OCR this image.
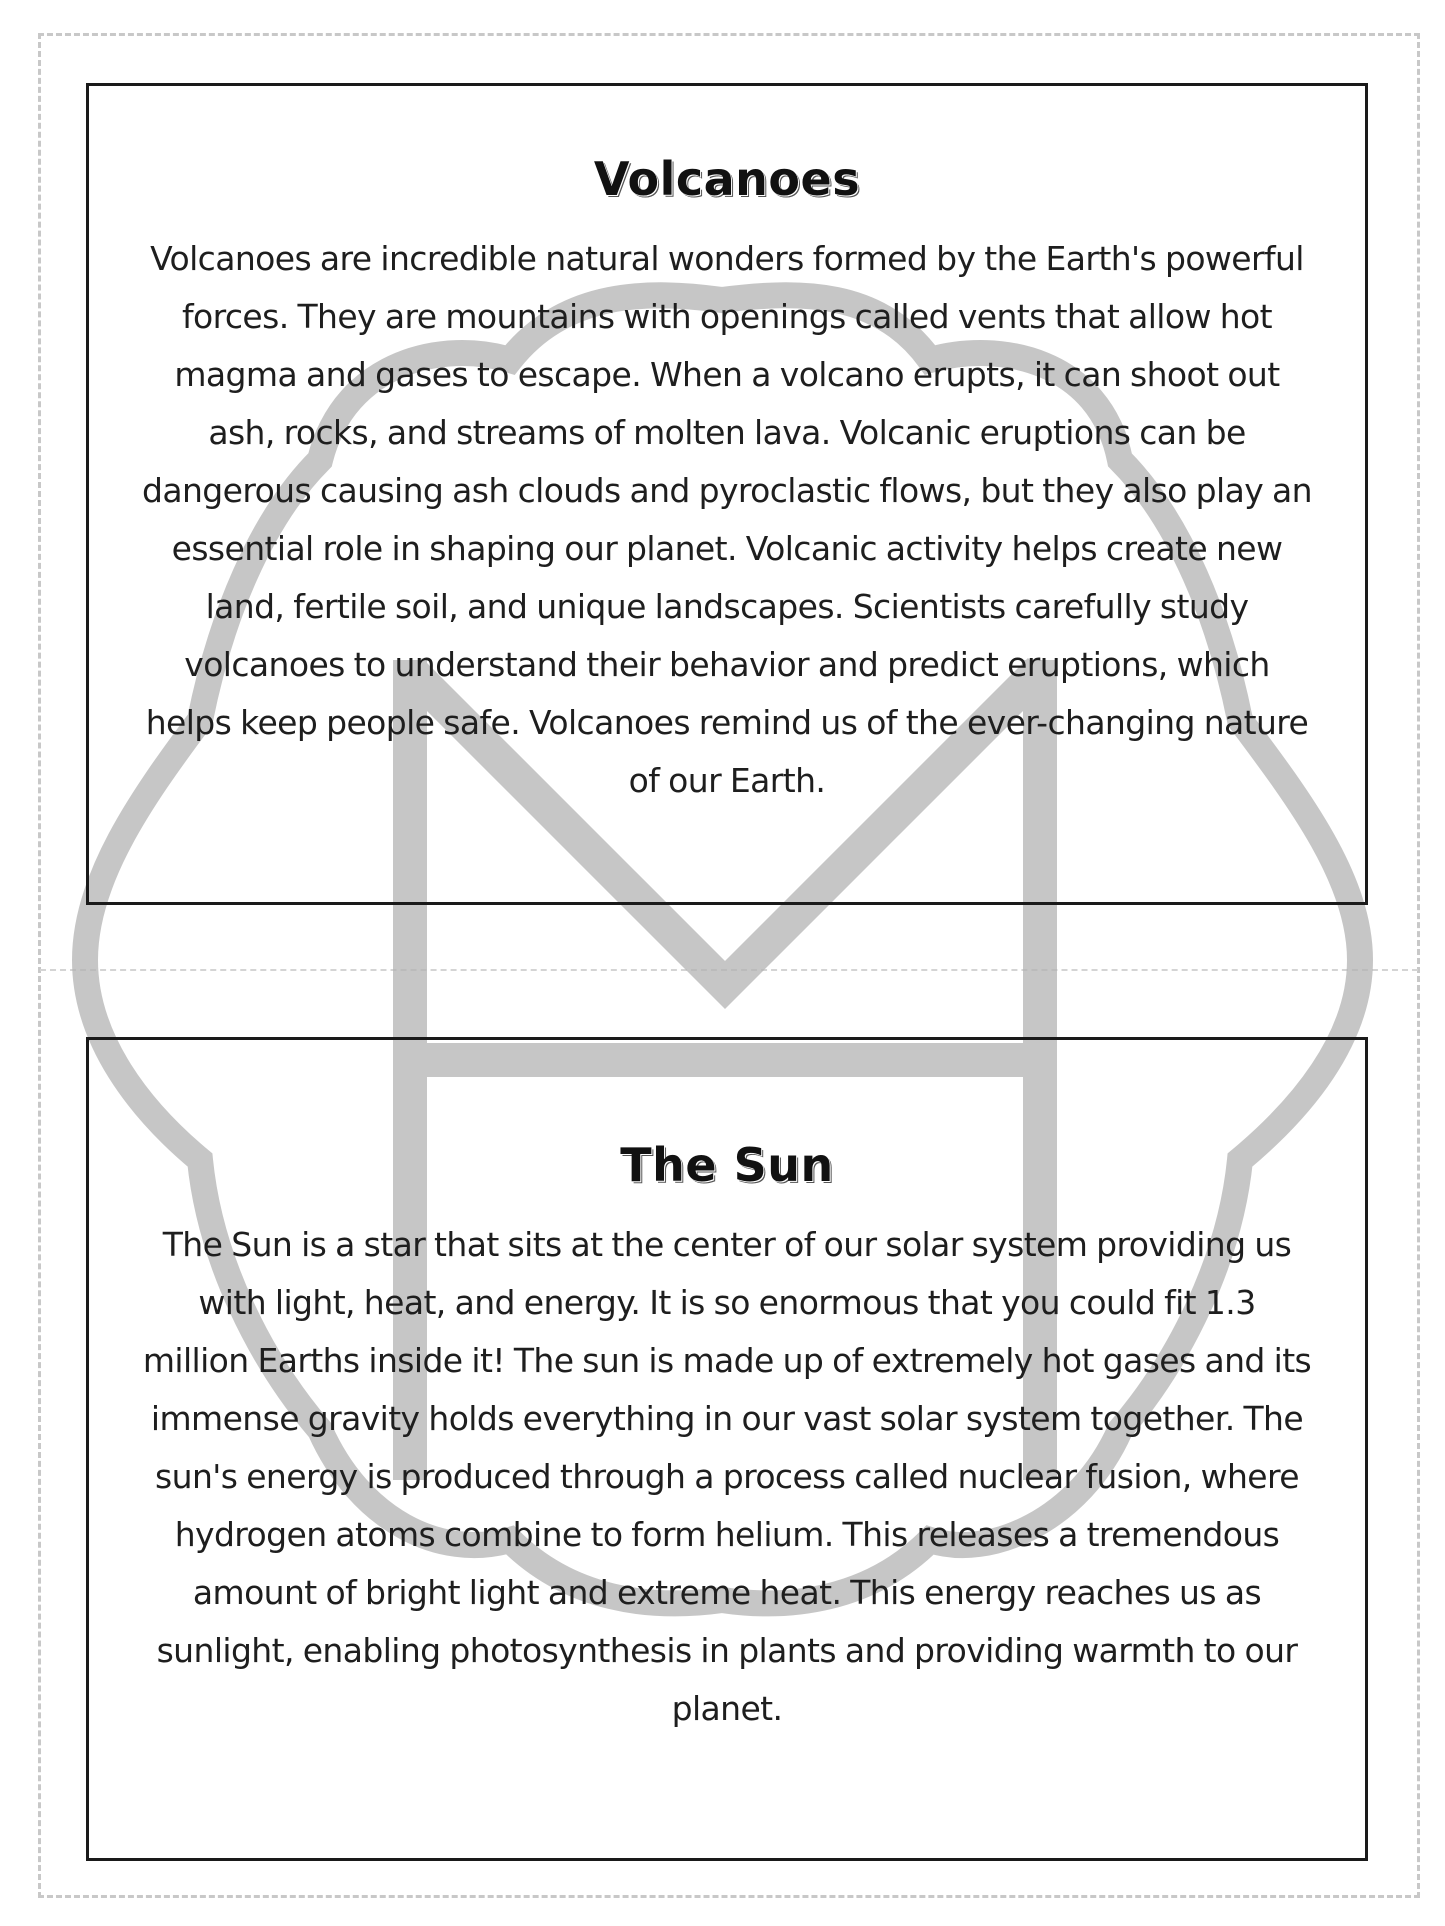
Volcanoes

Volcanoes are incredible natural wonders formed by the Earth's powerful forces. They are mountains with openings called vents that allow hot magma and gases to escape. When a volcano erupts, it can shoot out ash, rocks, and streams of molten lava. Volcanic eruptions can be dangerous causing ash clouds and pyroclastic flows, but they also play an essential role in shaping our planet. Volcanic activity helps create new land, fertile soil, and unique landscapes. Scientists carefully study volcanoes to understand their behavior and predict eruptions, which helps keep people safe. Volcanoes remind us of the ever-changing nature of our Earth.

The Sun

The Sun is a star that sits at the center of our solar system providing us with light, heat, and energy. It is so enormous that you could fit 1.3 million Earths inside it! The sun is made up of extremely hot gases and its immense gravity holds everything in our vast solar system together. The sun's energy is produced through a process called nuclear fusion, where hydrogen atoms combine to form helium. This releases a tremendous amount of bright light and extreme heat. This energy reaches us as sunlight, enabling photosynthesis in plants and providing warmth to our planet.
